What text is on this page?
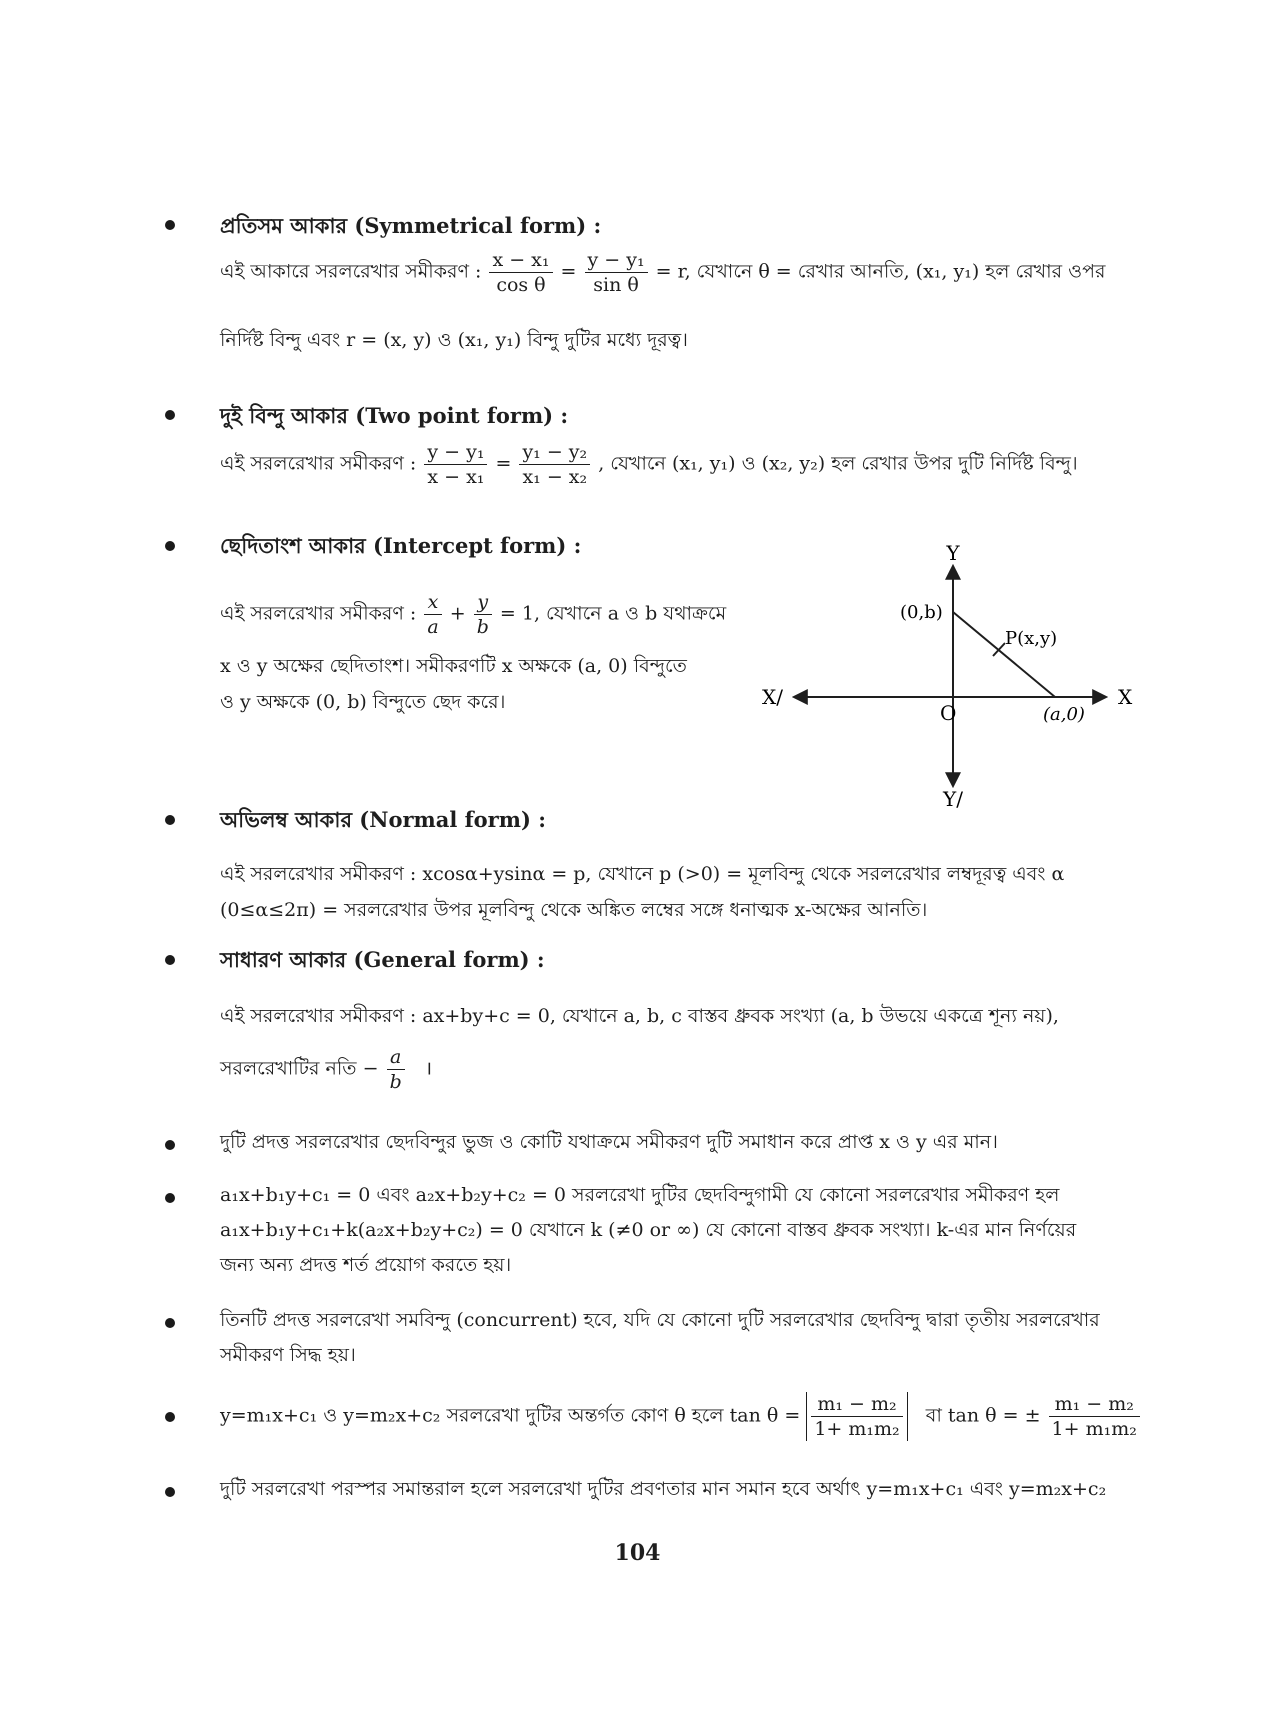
প্রতিসম আকার (Symmetrical form) :
এই আকারে সরলরেখার সমীকরণ : $\frac{\text{x − x₁}}{\text{cos θ}} = \frac{\text{y − y₁}}{\text{sin θ}} = r$, যেখানে θ = রেখার আনতি, (x₁, y₁) হল রেখার ওপর
নির্দিষ্ট বিন্দু এবং r = (x, y) ও (x₁, y₁) বিন্দু দুটির মধ্যে দূরত্ব।
দুই বিন্দু আকার (Two point form) :
এই সরলরেখার সমীকরণ : $\frac{\text{y − y₁}}{\text{x − x₁}} = \frac{\text{y₁ − y₂}}{\text{x₁ − x₂}}$ , যেখানে (x₁, y₁) ও (x₂, y₂) হল রেখার উপর দুটি নির্দিষ্ট বিন্দু।
ছেদিতাংশ আকার (Intercept form) :
এই সরলরেখার সমীকরণ : $\frac{x}{a} + \frac{y}{b} = 1$, যেখানে a ও b যথাক্রমে
x ও y অক্ষের ছেদিতাংশ। সমীকরণটি x অক্ষকে (a, 0) বিন্দুতে
ও y অক্ষকে (0, b) বিন্দুতে ছেদ করে।
Y
Y/
X
X/
O
(0,b)
(a,0)
P(x,y)
অভিলম্ব আকার (Normal form) :
এই সরলরেখার সমীকরণ : xcosα+ysinα = p, যেখানে p (>0) = মূলবিন্দু থেকে সরলরেখার লম্বদূরত্ব এবং α
(0≤α≤2π) = সরলরেখার উপর মূলবিন্দু থেকে অঙ্কিত লম্বের সঙ্গে ধনাত্মক x-অক্ষের আনতি।
সাধারণ আকার (General form) :
এই সরলরেখার সমীকরণ : ax+by+c = 0, যেখানে a, b, c বাস্তব ধ্রুবক সংখ্যা (a, b উভয়ে একত্রে শূন্য নয়),
সরলরেখাটির নতি − $\frac{a}{b}$ ।
দুটি প্রদত্ত সরলরেখার ছেদবিন্দুর ভুজ ও কোটি যথাক্রমে সমীকরণ দুটি সমাধান করে প্রাপ্ত x ও y এর মান।
a₁x+b₁y+c₁ = 0 এবং a₂x+b₂y+c₂ = 0 সরলরেখা দুটির ছেদবিন্দুগামী যে কোনো সরলরেখার সমীকরণ হল
a₁x+b₁y+c₁+k(a₂x+b₂y+c₂) = 0 যেখানে k (≠0 or ∞) যে কোনো বাস্তব ধ্রুবক সংখ্যা। k-এর মান নির্ণয়ের
জন্য অন্য প্রদত্ত শর্ত প্রয়োগ করতে হয়।
তিনটি প্রদত্ত সরলরেখা সমবিন্দু (concurrent) হবে, যদি যে কোনো দুটি সরলরেখার ছেদবিন্দু দ্বারা তৃতীয় সরলরেখার
সমীকরণ সিদ্ধ হয়।
y=m₁x+c₁ ও y=m₂x+c₂ সরলরেখা দুটির অন্তর্গত কোণ θ হলে $\tan \theta = \frac{\text{m₁ − m₂}}{\text{1+ m₁m₂}}$ বা tan θ = ± $\frac{\text{m₁ − m₂}}{\text{1+ m₁m₂}}$
দুটি সরলরেখা পরস্পর সমান্তরাল হলে সরলরেখা দুটির প্রবণতার মান সমান হবে অর্থাৎ y=m₁x+c₁ এবং y=m₂x+c₂
104
